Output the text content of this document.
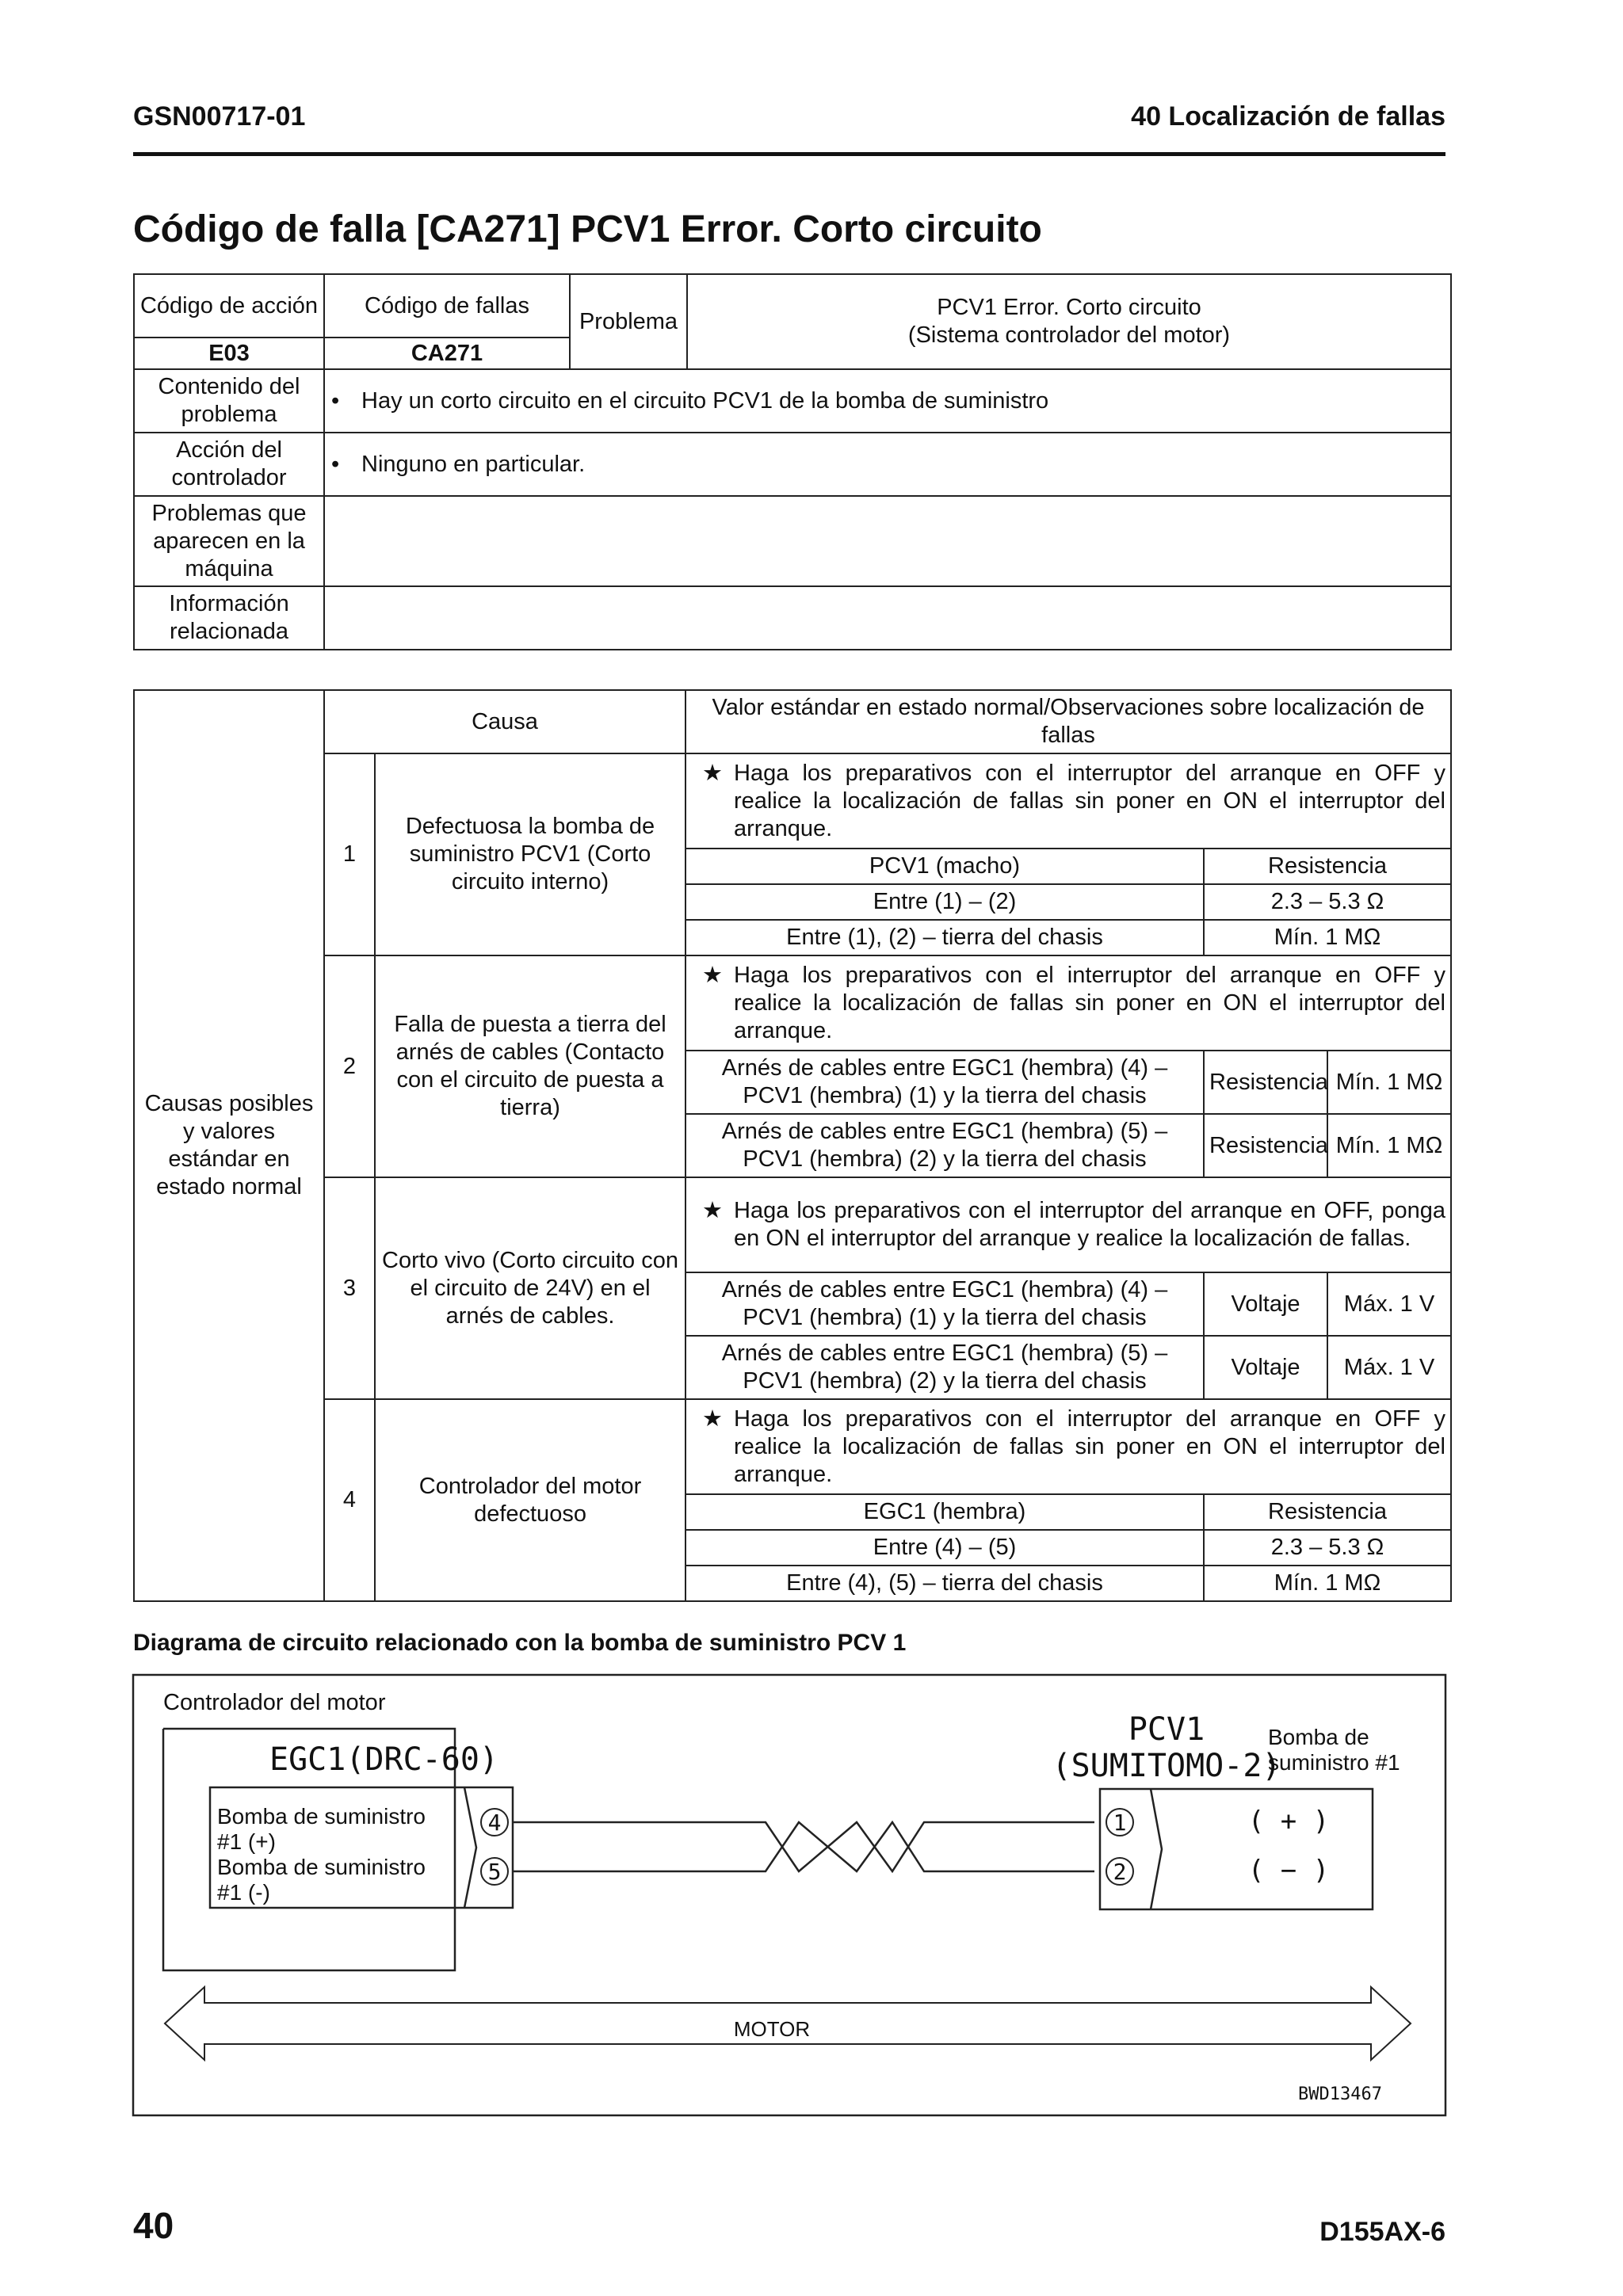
GSN00717-01	40 Localización de fallas
Código de falla [CA271] PCV1 Error. Corto circuito
Código de acción	Código de fallas	Problema	PCV1 Error. Corto circuito
(Sistema controlador del motor)

E03	CA271		
Contenido del problema	• Hay un corto circuito en el circuito PCV1 de la bomba de suministro
Acción del controlador	• Ninguno en particular.
Problemas que aparecen en la máquina			
Información relacionada			
Causas posibles y valores estándar en estado normal	Causa		Valor estándar en estado normal/Observaciones sobre localización de fallas		
	1	Defectuosa la bomba de suministro PCV1 (Corto circuito interno)	★ Haga los preparativos con el interruptor del arranque en OFF y realice la localización de fallas sin poner en ON el interruptor del arranque.		

			PCV1 (macho)	Resistencia	
			Entre (1) – (2)	2.3 – 5.3 Ω	
			Entre (1), (2) – tierra del chasis	Mín. 1 MΩ	
	2	Falla de puesta a tierra del arnés de cables (Contacto con el circuito de puesta a tierra)	★ Haga los preparativos con el interruptor del arranque en OFF y realice la localización de fallas sin poner en ON el interruptor del arranque.		

			Arnés de cables entre EGC1 (hembra) (4) – PCV1 (hembra) (1) y la tierra del chasis	Resistencia	Mín. 1 MΩ
			Arnés de cables entre EGC1 (hembra) (5) – PCV1 (hembra) (2) y la tierra del chasis	Resistencia	Mín. 1 MΩ
	3	Corto vivo (Corto circuito con el circuito de 24V) en el arnés de cables.	★ Haga los preparativos con el interruptor del arranque en OFF, ponga en ON el interruptor del arranque y realice la localización de fallas.		

			Arnés de cables entre EGC1 (hembra) (4) – PCV1 (hembra) (1) y la tierra del chasis	Voltaje	Máx. 1 V
			Arnés de cables entre EGC1 (hembra) (5) – PCV1 (hembra) (2) y la tierra del chasis	Voltaje	Máx. 1 V
	4	Controlador del motor defectuoso	★ Haga los preparativos con el interruptor del arranque en OFF y realice la localización de fallas sin poner en ON el interruptor del arranque.		

			EGC1 (hembra)	Resistencia	
			Entre (4) – (5)	2.3 – 5.3 Ω	
			Entre (4), (5) – tierra del chasis	Mín. 1 MΩ	
Diagrama de circuito relacionado con la bomba de suministro PCV 1
Controlador del motor
EGC1(DRC-60)
Bomba de suministro
#1 (+)
Bomba de suministro
#1 (-)
4
5
PCV1
(SUMITOMO-2)
Bomba de
suministro #1
1
2
( + )
( − )
MOTOR
BWD13467
40	D155AX-6
